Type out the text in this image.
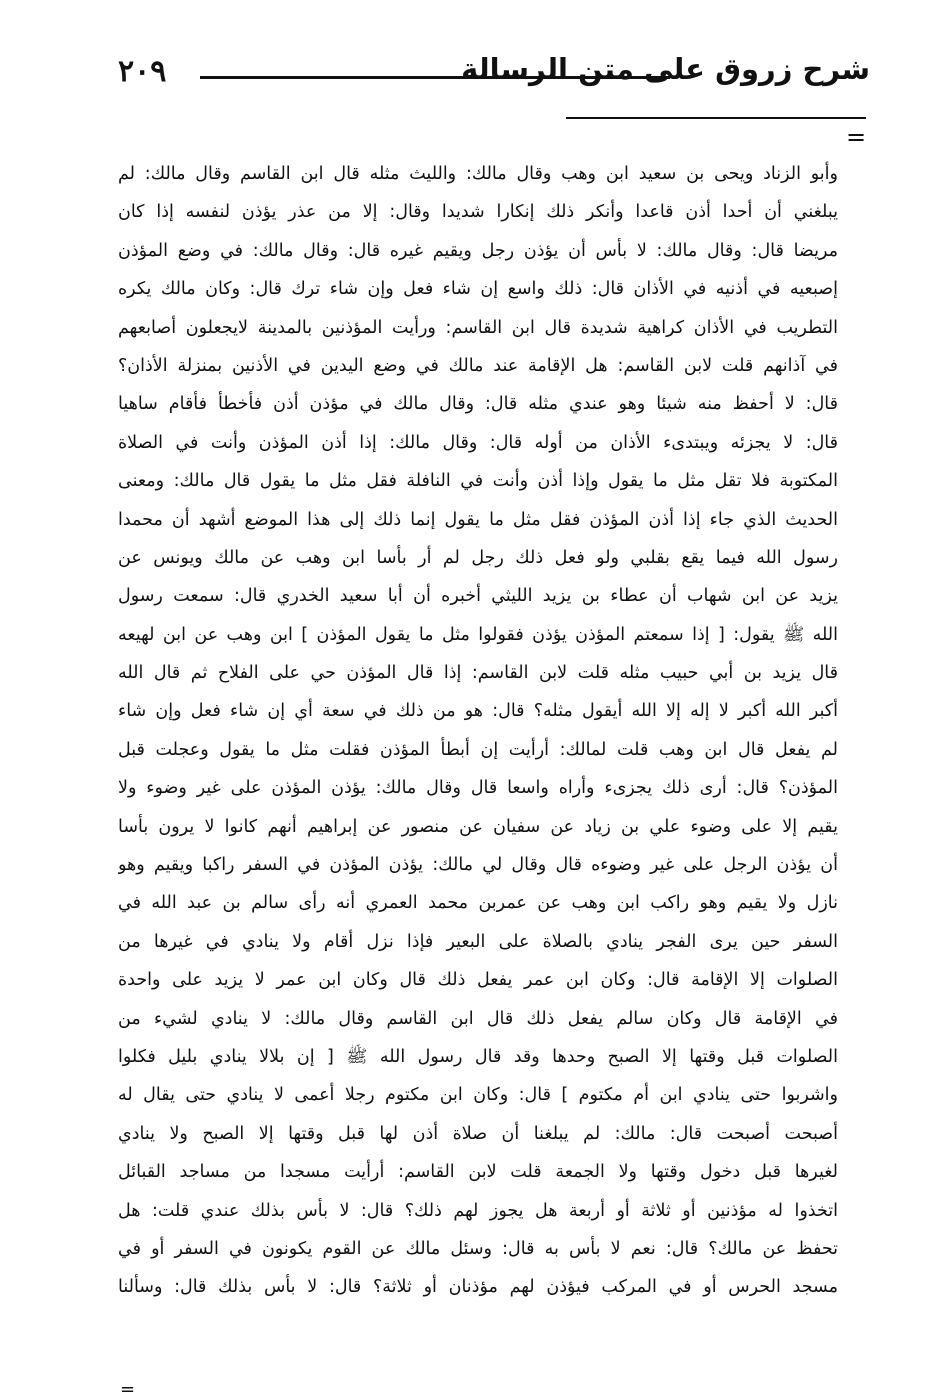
٢٠٩	شرح زروق على متن الرسالة
=
وأبو الزناد ويحى بن سعيد ابن وهب وقال مالك: والليث مثله قال ابن القاسم وقال مالك: لم
يبلغني أن أحدا أذن قاعدا وأنكر ذلك إنكارا شديدا وقال: إلا من عذر يؤذن لنفسه إذا كان
مريضا قال: وقال مالك: لا بأس أن يؤذن رجل ويقيم غيره قال: وقال مالك: في وضع المؤذن
إصبعيه في أذنيه في الأذان قال: ذلك واسع إن شاء فعل وإن شاء ترك قال: وكان مالك يكره
التطريب في الأذان كراهية شديدة قال ابن القاسم: ورأيت المؤذنين بالمدينة لايجعلون أصابعهم
في آذانهم قلت لابن القاسم: هل الإقامة عند مالك في وضع اليدين في الأذنين بمنزلة الأذان؟
قال: لا أحفظ منه شيئا وهو عندي مثله قال: وقال مالك في مؤذن أذن فأخطأ فأقام ساهيا
قال: لا يجزئه ويبتدىء الأذان من أوله قال: وقال مالك: إذا أذن المؤذن وأنت في الصلاة
المكتوبة فلا تقل مثل ما يقول وإذا أذن وأنت في النافلة فقل مثل ما يقول قال مالك: ومعنى
الحديث الذي جاء إذا أذن المؤذن فقل مثل ما يقول إنما ذلك إلى هذا الموضع أشهد أن محمدا
رسول الله فيما يقع بقلبي ولو فعل ذلك رجل لم أر بأسا ابن وهب عن مالك ويونس عن
يزيد عن ابن شهاب أن عطاء بن يزيد الليثي أخبره أن أبا سعيد الخدري قال: سمعت رسول
الله ﷺ يقول: [ إذا سمعتم المؤذن يؤذن فقولوا مثل ما يقول المؤذن ] ابن وهب عن ابن لهيعه
قال يزيد بن أبي حبيب مثله قلت لابن القاسم: إذا قال المؤذن حي على الفلاح ثم قال الله
أكبر الله أكبر لا إله إلا الله أيقول مثله؟ قال: هو من ذلك في سعة أي إن شاء فعل وإن شاء
لم يفعل قال ابن وهب قلت لمالك: أرأيت إن أبطأ المؤذن فقلت مثل ما يقول وعجلت قبل
المؤذن؟ قال: أرى ذلك يجزىء وأراه واسعا قال وقال مالك: يؤذن المؤذن على غير وضوء ولا
يقيم إلا على وضوء علي بن زياد عن سفيان عن منصور عن إبراهيم أنهم كانوا لا يرون بأسا
أن يؤذن الرجل على غير وضوءه قال وقال لي مالك: يؤذن المؤذن في السفر راكبا ويقيم وهو
نازل ولا يقيم وهو راكب ابن وهب عن عمربن محمد العمري أنه رأى سالم بن عبد الله في
السفر حين يرى الفجر ينادي بالصلاة على البعير فإذا نزل أقام ولا ينادي في غيرها من
الصلوات إلا الإقامة قال: وكان ابن عمر يفعل ذلك قال وكان ابن عمر لا يزيد على واحدة
في الإقامة قال وكان سالم يفعل ذلك قال ابن القاسم وقال مالك: لا ينادي لشيء من
الصلوات قبل وقتها إلا الصبح وحدها وقد قال رسول الله ﷺ [ إن بلالا ينادي بليل فكلوا
واشربوا حتى ينادي ابن أم مكتوم ] قال: وكان ابن مكتوم رجلا أعمى لا ينادي حتى يقال له
أصبحت أصبحت قال: مالك: لم يبلغنا أن صلاة أذن لها قبل وقتها إلا الصبح ولا ينادي
لغيرها قبل دخول وقتها ولا الجمعة قلت لابن القاسم: أرأيت مسجدا من مساجد القبائل
اتخذوا له مؤذنين أو ثلاثة أو أربعة هل يجوز لهم ذلك؟ قال: لا بأس بذلك عندي قلت: هل
تحفظ عن مالك؟ قال: نعم لا بأس به قال: وسئل مالك عن القوم يكونون في السفر أو في
مسجد الحرس أو في المركب فيؤذن لهم مؤذنان أو ثلاثة؟ قال: لا بأس بذلك قال: وسألنا
=
